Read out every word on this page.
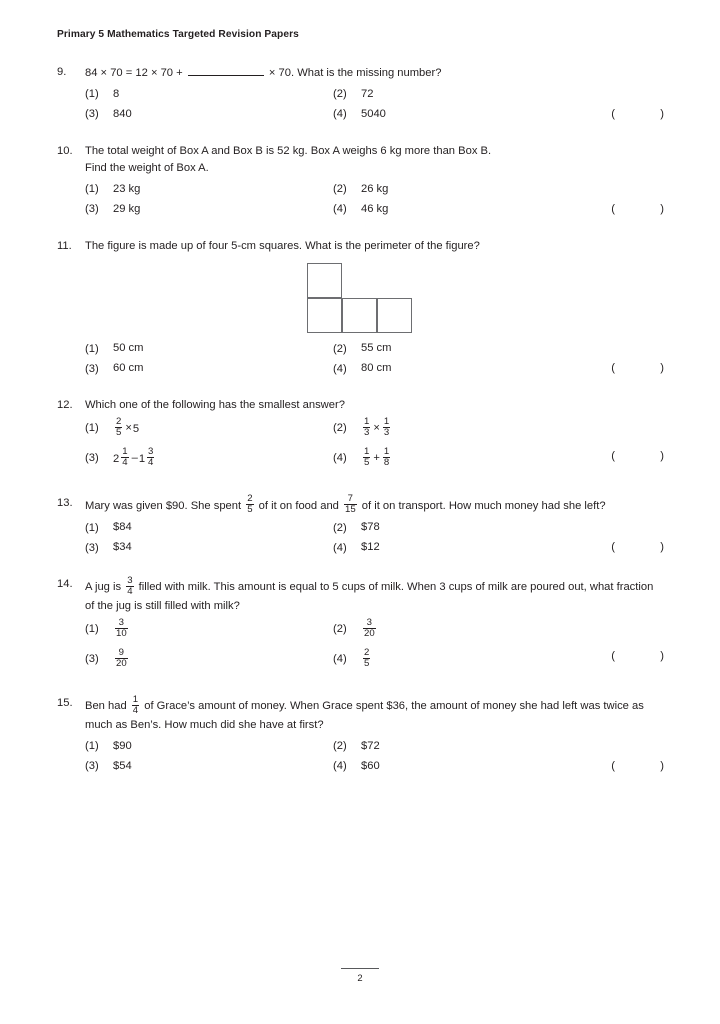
Primary 5 Mathematics Targeted Revision Papers
9.	84 × 70 = 12 × 70 +	× 70. What is the missing number?
(1) 8	(2) 72
(3) 840	(4) 5040	(   )
10.	The total weight of Box A and Box B is 52 kg. Box A weighs 6 kg more than Box B.
Find the weight of Box A.
(1) 23 kg	(2) 26 kg
(3) 29 kg	(4) 46 kg	(   )
11.	The figure is made up of four 5-cm squares. What is the perimeter of the figure?
(1) 50 cm	(2) 55 cm
(3) 60 cm	(4) 80 cm	(   )
12.	Which one of the following has the smallest answer?
$(1) \frac{2}{5} \times 5$	$(2) \frac{1}{3} \times \frac{1}{3}$
(3) $2 \frac{1}{4} -1 \frac{3}{4}$	$(4) \frac{1}{5} + \frac{1}{8}$	(   )
13.	Mary was given $90. She spent $\frac{2}{5}$ of it on food and $\frac{7}{15}$ of it on transport. How much money had she left?
(1) $84	(2) $78
(3) $34	(4) $12	(   )
14.	A jug is $\frac{3}{4}$ filled with milk. This amount is equal to 5 cups of milk. When 3 cups of milk are poured out, what fraction of the jug is still filled with milk?
$(1) \frac{3}{10}$	$(2) \frac{3}{20}$
$(3) \frac{9}{20}$	$(4) \frac{2}{5}$	(   )
15.	Ben had $\frac{1}{4}$ of Grace’s amount of money. When Grace spent $36, the amount of money she had left was twice as much as Ben’s. How much did she have at first?
(1) $90	(2) $72
(3) $54	(4) $60	(   )
2
